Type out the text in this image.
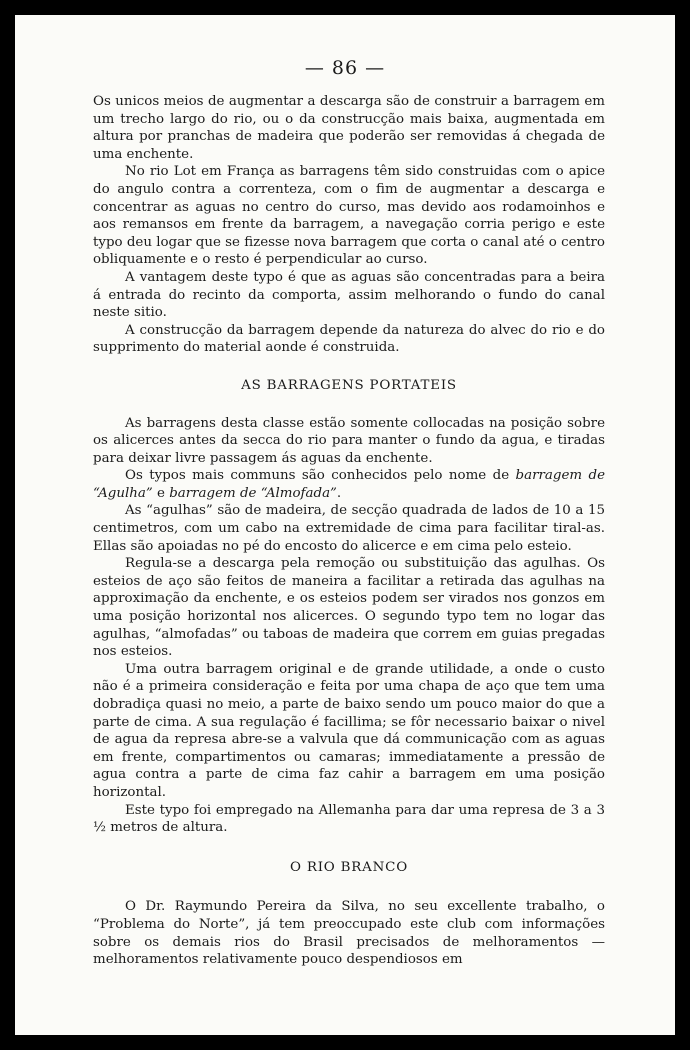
— 86 —

Os unicos meios de augmentar a descarga são de construir a barragem em um trecho largo do rio, ou o da construcção mais baixa, augmentada em altura por pranchas de madeira que poderão ser removidas á chegada de uma enchente.

No rio Lot em França as barragens têm sido construidas com o apice do angulo contra a correnteza, com o fim de augmentar a descarga e concentrar as aguas no centro do curso, mas devido aos rodamoinhos e aos remansos em frente da barragem, a navegação corria perigo e este typo deu logar que se fizesse nova barragem que corta o canal até o centro obliquamente e o resto é perpendicular ao curso.

A vantagem deste typo é que as aguas são concentradas para a beira á entrada do recinto da comporta, assim melhorando o fundo do canal neste sitio.

A construcção da barragem depende da natureza do alvec do rio e do supprimento do material aonde é construida.

AS BARRAGENS PORTATEIS

As barragens desta classe estão somente collocadas na posição sobre os alicerces antes da secca do rio para manter o fundo da agua, e tiradas para deixar livre passagem ás aguas da enchente.

Os typos mais communs são conhecidos pelo nome de barragem de “Agulha” e barragem de “Almofada”.

As “agulhas” são de madeira, de secção quadrada de lados de 10 a 15 centimetros, com um cabo na extremidade de cima para facilitar tiral-as. Ellas são apoiadas no pé do encosto do alicerce e em cima pelo esteio.

Regula-se a descarga pela remoção ou substituição das agulhas. Os esteios de aço são feitos de maneira a facilitar a retirada das agulhas na approximação da enchente, e os esteios podem ser virados nos gonzos em uma posição horizontal nos alicerces. O segundo typo tem no logar das agulhas, “almofadas” ou taboas de madeira que correm em guias pregadas nos esteios.

Uma outra barragem original e de grande utilidade, a onde o custo não é a primeira consideração e feita por uma chapa de aço que tem uma dobradiça quasi no meio, a parte de baixo sendo um pouco maior do que a parte de cima. A sua regulação é facillima; se fôr necessario baixar o nivel de agua da represa abre-se a valvula que dá communicação com as aguas em frente, compartimentos ou camaras; immediatamente a pressão de agua contra a parte de cima faz cahir a barragem em uma posição horizontal.

Este typo foi empregado na Allemanha para dar uma represa de 3 a 3 ½ metros de altura.

O RIO BRANCO

O Dr. Raymundo Pereira da Silva, no seu excellente trabalho, o “Problema do Norte”, já tem preoccupado este club com informações sobre os demais rios do Brasil precisados de melhoramentos — melhoramentos relativamente pouco despendiosos em
